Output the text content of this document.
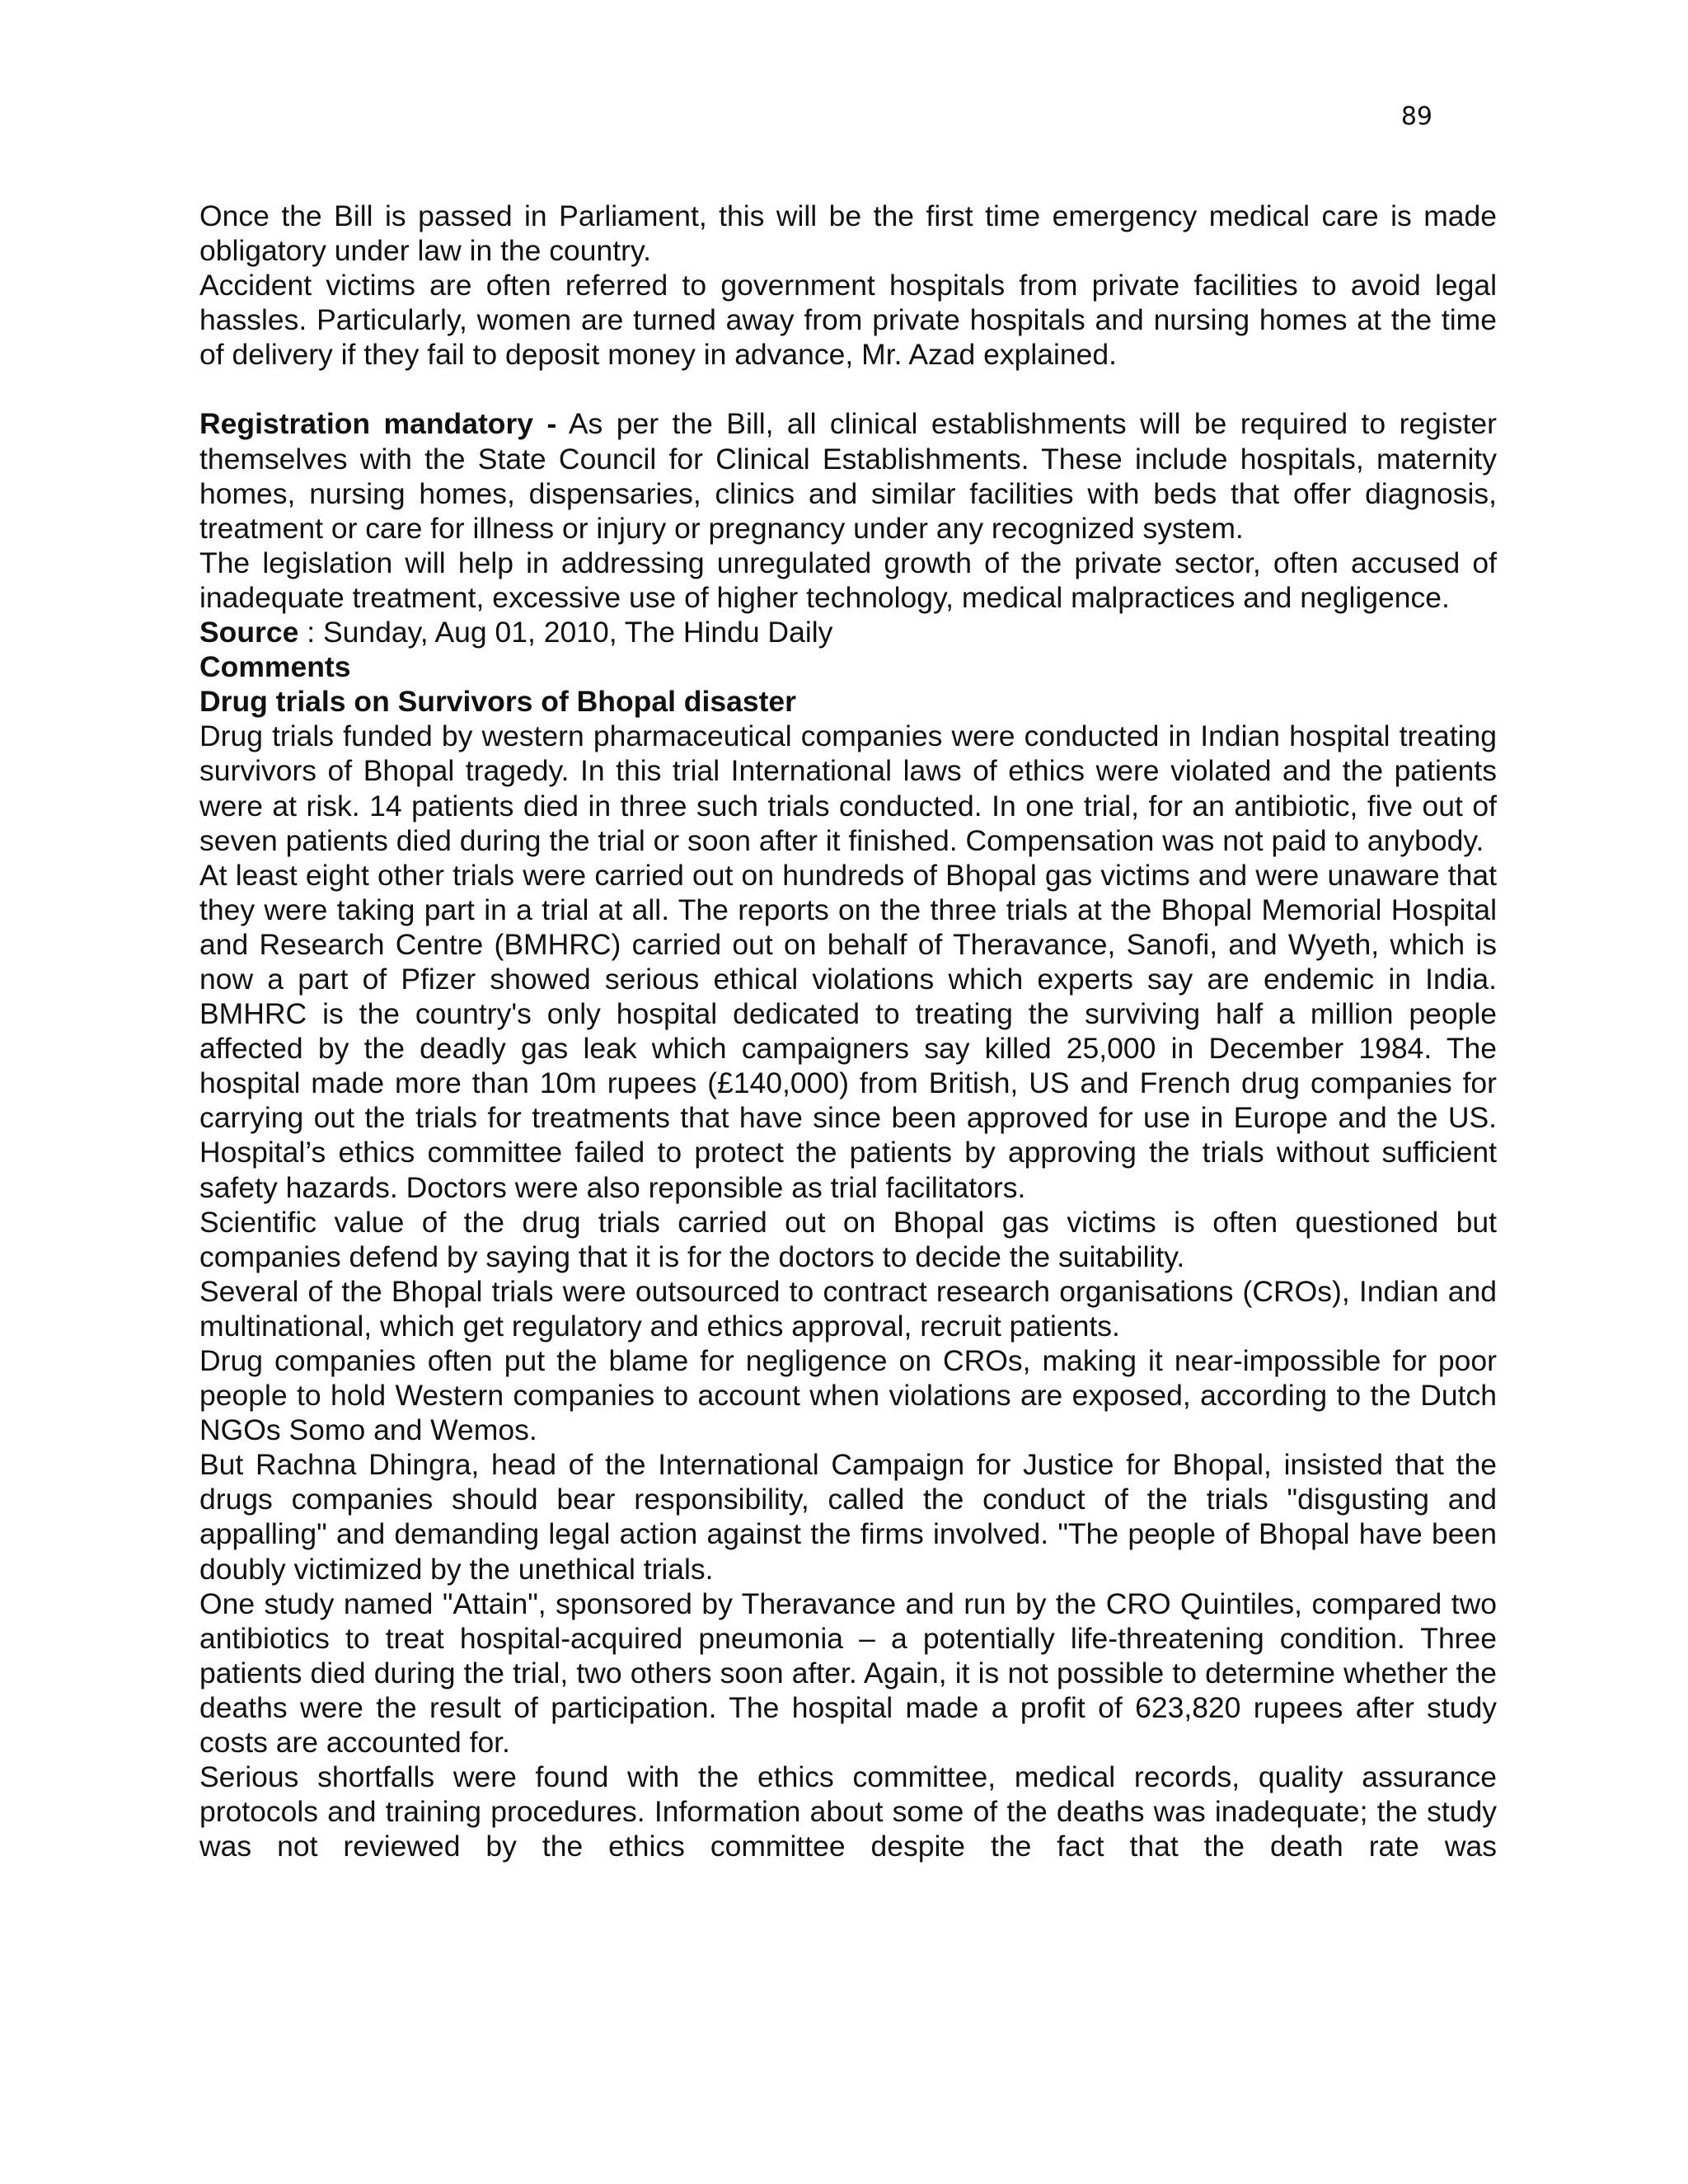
89

Once the Bill is passed in Parliament, this will be the first time emergency medical care is made obligatory under law in the country.

Accident victims are often referred to government hospitals from private facilities to avoid legal hassles. Particularly, women are turned away from private hospitals and nursing homes at the time of delivery if they fail to deposit money in advance, Mr. Azad explained.

Registration mandatory - As per the Bill, all clinical establishments will be required to register themselves with the State Council for Clinical Establishments. These include hospitals, maternity homes, nursing homes, dispensaries, clinics and similar facilities with beds that offer diagnosis, treatment or care for illness or injury or pregnancy under any recognized system.

The legislation will help in addressing unregulated growth of the private sector, often accused of inadequate treatment, excessive use of higher technology, medical malpractices and negligence.

Source : Sunday, Aug 01, 2010, The Hindu Daily

Comments

Drug trials on Survivors of Bhopal disaster

Drug trials funded by western pharmaceutical companies were conducted in Indian hospital treating survivors of Bhopal tragedy. In this trial International laws of ethics were violated and the patients were at risk. 14 patients died in three such trials conducted. In one trial, for an antibiotic, five out of seven patients died during the trial or soon after it finished. Compensation was not paid to anybody.

At least eight other trials were carried out on hundreds of Bhopal gas victims and were unaware that they were taking part in a trial at all. The reports on the three trials at the Bhopal Memorial Hospital and Research Centre (BMHRC) carried out on behalf of Theravance, Sanofi, and Wyeth, which is now a part of Pfizer showed serious ethical violations which experts say are endemic in India. BMHRC is the country's only hospital dedicated to treating the surviving half a million people affected by the deadly gas leak which campaigners say killed 25,000 in December 1984. The hospital made more than 10m rupees (£140,000) from British, US and French drug companies for carrying out the trials for treatments that have since been approved for use in Europe and the US. Hospital’s ethics committee failed to protect the patients by approving the trials without sufficient safety hazards. Doctors were also reponsible as trial facilitators.

Scientific value of the drug trials carried out on Bhopal gas victims is often questioned but companies defend by saying that it is for the doctors to decide the suitability.

Several of the Bhopal trials were outsourced to contract research organisations (CROs), Indian and multinational, which get regulatory and ethics approval, recruit patients.

Drug companies often put the blame for negligence on CROs, making it near-impossible for poor people to hold Western companies to account when violations are exposed, according to the Dutch NGOs Somo and Wemos.

But Rachna Dhingra, head of the International Campaign for Justice for Bhopal, insisted that the drugs companies should bear responsibility, called the conduct of the trials "disgusting and appalling" and demanding legal action against the firms involved. "The people of Bhopal have been doubly victimized by the unethical trials.

One study named "Attain", sponsored by Theravance and run by the CRO Quintiles, compared two antibiotics to treat hospital-acquired pneumonia – a potentially life-threatening condition. Three patients died during the trial, two others soon after. Again, it is not possible to determine whether the deaths were the result of participation. The hospital made a profit of 623,820 rupees after study costs are accounted for.

Serious shortfalls were found with the ethics committee, medical records, quality assurance protocols and training procedures. Information about some of the deaths was inadequate; the study was not reviewed by the ethics committee despite the fact that the death rate was
